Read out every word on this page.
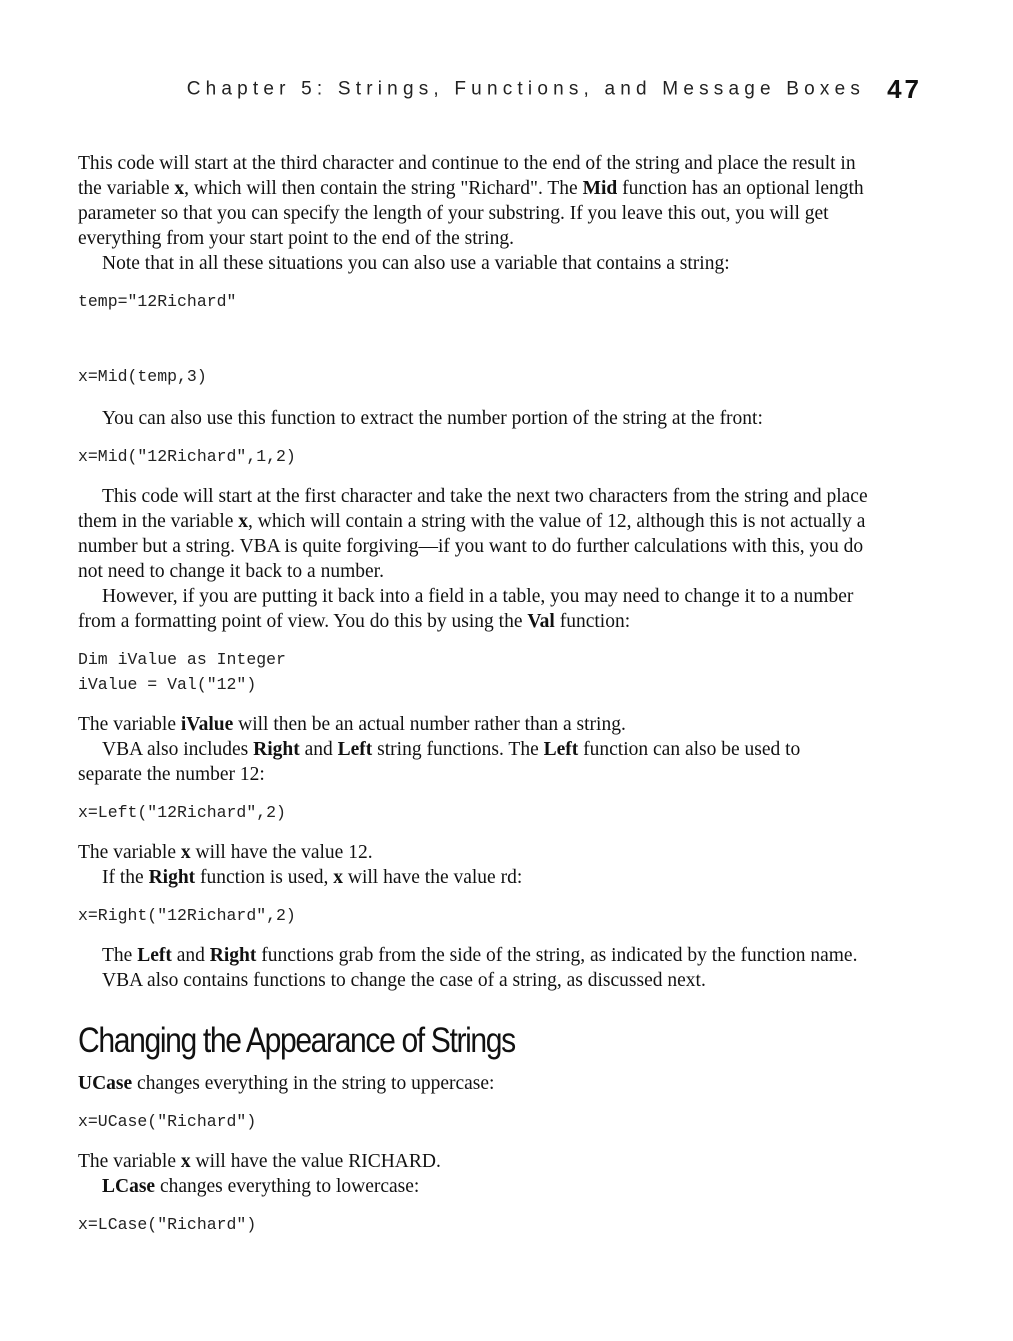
Chapter 5: Strings, Functions, and Message Boxes 47

This code will start at the third character and continue to the end of the string and place the result in the variable x, which will then contain the string "Richard". The Mid function has an optional length parameter so that you can specify the length of your substring. If you leave this out, you will get everything from your start point to the end of the string.

Note that in all these situations you can also use a variable that contains a string:

temp="12Richard"
x=Mid(temp,3)

You can also use this function to extract the number portion of the string at the front:

x=Mid("12Richard",1,2)

This code will start at the first character and take the next two characters from the string and place them in the variable x, which will contain a string with the value of 12, although this is not actually a number but a string. VBA is quite forgiving—if you want to do further calculations with this, you do not need to change it back to a number.

However, if you are putting it back into a field in a table, you may need to change it to a number from a formatting point of view. You do this by using the Val function:

Dim iValue as Integer
iValue = Val("12")

The variable iValue will then be an actual number rather than a string.

VBA also includes Right and Left string functions. The Left function can also be used to separate the number 12:

x=Left("12Richard",2)

The variable x will have the value 12.

If the Right function is used, x will have the value rd:

x=Right("12Richard",2)

The Left and Right functions grab from the side of the string, as indicated by the function name.

VBA also contains functions to change the case of a string, as discussed next.

Changing the Appearance of Strings

UCase changes everything in the string to uppercase:

x=UCase("Richard")

The variable x will have the value RICHARD.

LCase changes everything to lowercase:

x=LCase("Richard")
